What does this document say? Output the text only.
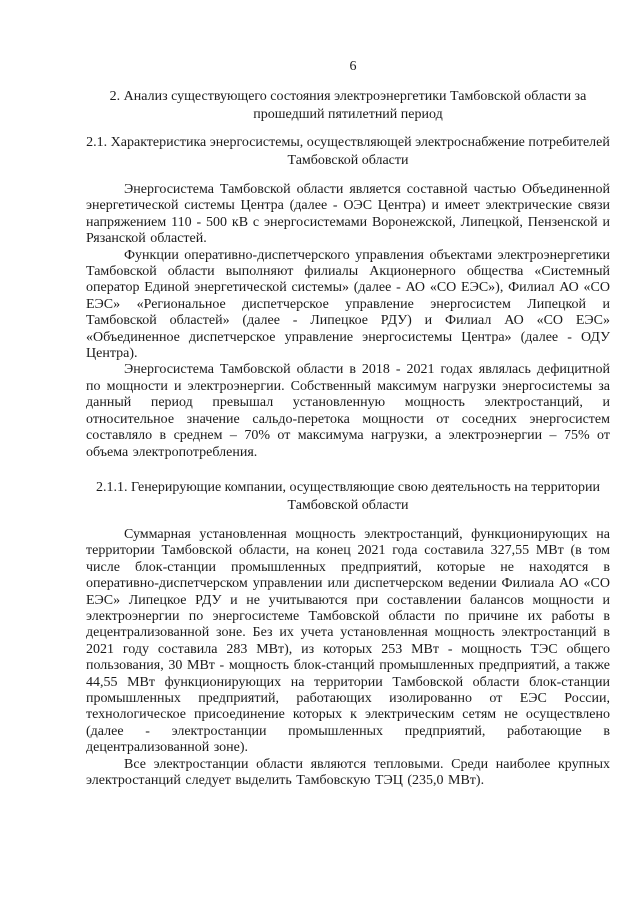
6
2. Анализ существующего состояния электроэнергетики Тамбовской области за прошедший пятилетний период
2.1. Характеристика энергосистемы, осуществляющей электроснабжение потребителей Тамбовской области

Энергосистема Тамбовской области является составной частью Объединенной энергетической системы Центра (далее - ОЭС Центра) и имеет электрические связи напряжением 110 - 500 кВ с энергосистемами Воронежской, Липецкой, Пензенской и Рязанской областей.

Функции оперативно-диспетчерского управления объектами электроэнергетики Тамбовской области выполняют филиалы Акционерного общества «Системный оператор Единой энергетической системы» (далее - АО «СО ЕЭС»), Филиал АО «СО ЕЭС» «Региональное диспетчерское управление энергосистем Липецкой и Тамбовской областей» (далее - Липецкое РДУ) и Филиал АО «СО ЕЭС» «Объединенное диспетчерское управление энергосистемы Центра» (далее - ОДУ Центра).

Энергосистема Тамбовской области в 2018 - 2021 годах являлась дефицитной по мощности и электроэнергии. Собственный максимум нагрузки энергосистемы за данный период превышал установленную мощность электростанций, и относительное значение сальдо-перетока мощности от соседних энергосистем составляло в среднем – 70% от максимума нагрузки, а электроэнергии – 75% от объема электропотребления.

2.1.1. Генерирующие компании, осуществляющие свою деятельность на территории Тамбовской области

Суммарная установленная мощность электростанций, функционирующих на территории Тамбовской области, на конец 2021 года составила 327,55 МВт (в том числе блок-станции промышленных предприятий, которые не находятся в оперативно-диспетчерском управлении или диспетчерском ведении Филиала АО «СО ЕЭС» Липецкое РДУ и не учитываются при составлении балансов мощности и электроэнергии по энергосистеме Тамбовской области по причине их работы в децентрализованной зоне. Без их учета установленная мощность электростанций в 2021 году составила 283 МВт), из которых 253 МВт - мощность ТЭС общего пользования, 30 МВт - мощность блок-станций промышленных предприятий, а также 44,55 МВт функционирующих на территории Тамбовской области блок-станции промышленных предприятий, работающих изолированно от ЕЭС России, технологическое присоединение которых к электрическим сетям не осуществлено (далее - электростанции промышленных предприятий, работающие в децентрализованной зоне).

Все электростанции области являются тепловыми. Среди наиболее крупных электростанций следует выделить Тамбовскую ТЭЦ (235,0 МВт).
